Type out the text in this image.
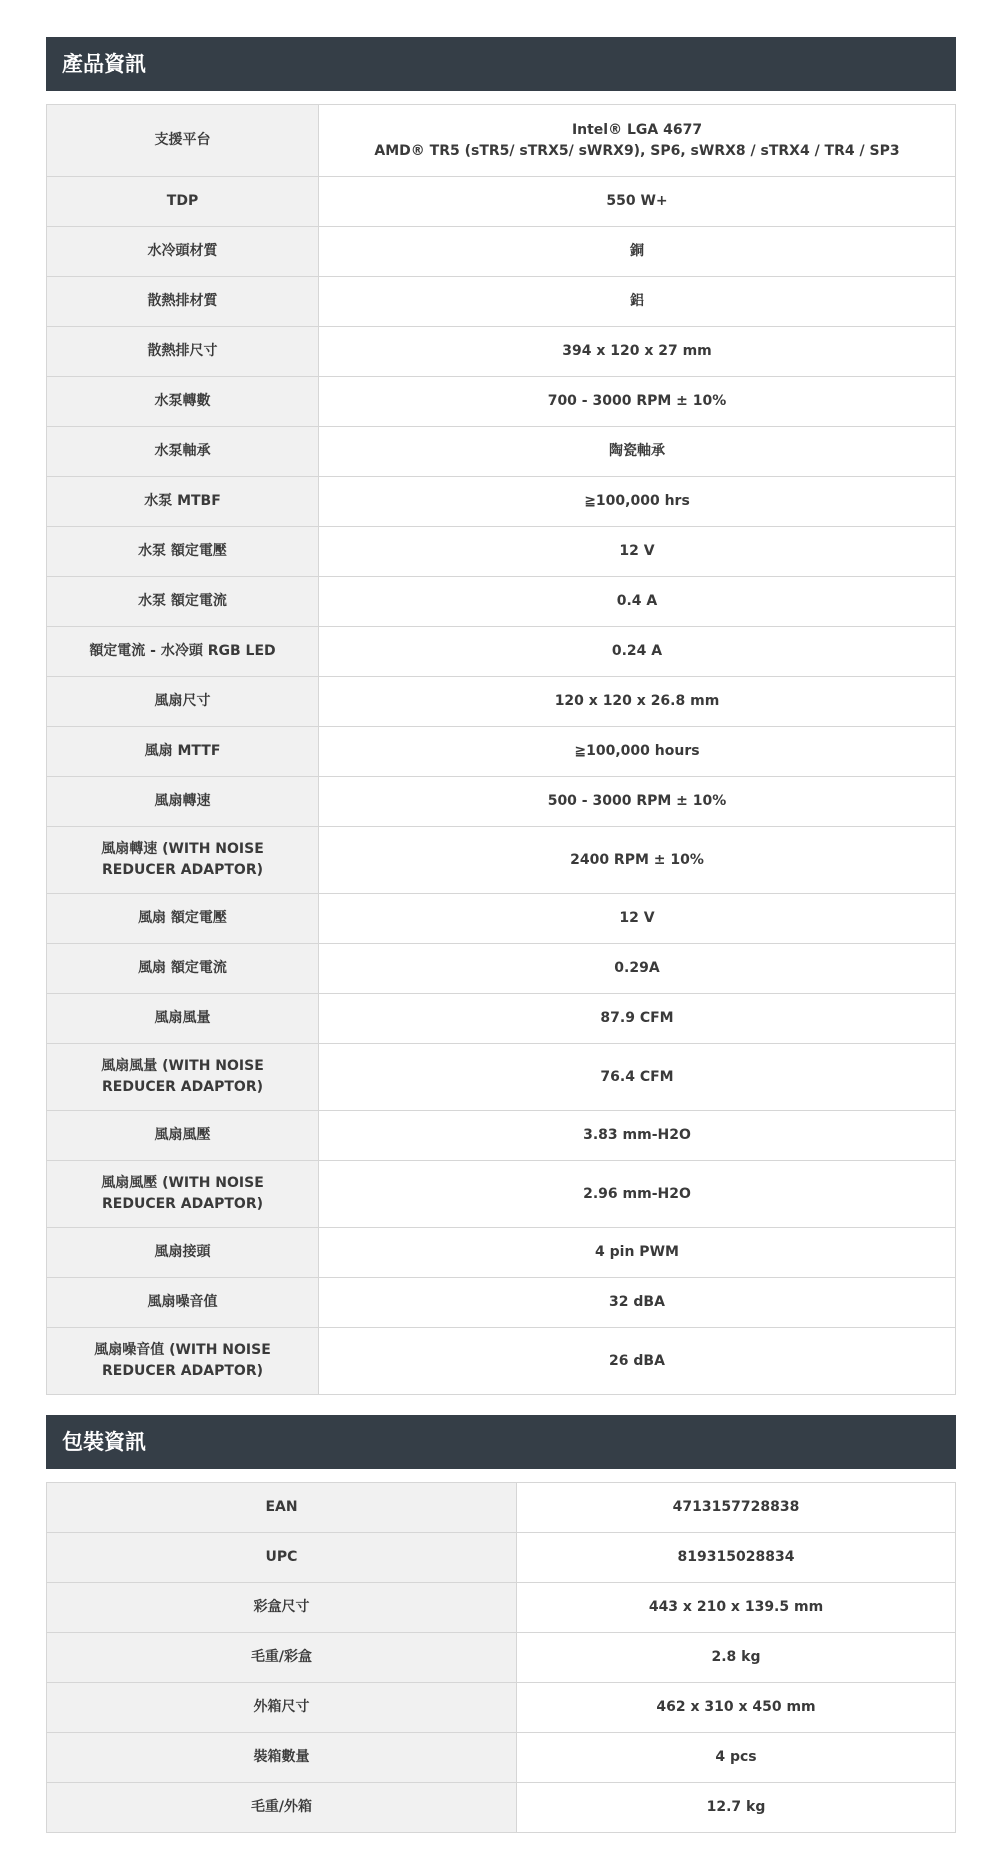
產品資訊
支援平台	Intel® LGA 4677
AMD® TR5 (sTR5/ sTRX5/ sWRX9), SP6, sWRX8 / sTRX4 / TR4 / SP3

TDP	550 W+
水冷頭材質	銅
散熱排材質	鋁
散熱排尺寸	394 x 120 x 27 mm
水泵轉數	700 - 3000 RPM ± 10%
水泵軸承	陶瓷軸承
水泵 MTBF	≧100,000 hrs
水泵 額定電壓	12 V
水泵 額定電流	0.4 A
額定電流 - 水冷頭 RGB LED	0.24 A
風扇尺寸	120 x 120 x 26.8 mm
風扇 MTTF	≧100,000 hours
風扇轉速	500 - 3000 RPM ± 10%
風扇轉速 (WITH NOISE REDUCER ADAPTOR)	2400 RPM ± 10%
風扇 額定電壓	12 V
風扇 額定電流	0.29A
風扇風量	87.9 CFM
風扇風量 (WITH NOISE REDUCER ADAPTOR)	76.4 CFM
風扇風壓	3.83 mm-H2O
風扇風壓 (WITH NOISE REDUCER ADAPTOR)	2.96 mm-H2O
風扇接頭	4 pin PWM
風扇噪音值	32 dBA
風扇噪音值 (WITH NOISE REDUCER ADAPTOR)	26 dBA
包裝資訊
EAN	4713157728838
UPC	819315028834
彩盒尺寸	443 x 210 x 139.5 mm
毛重/彩盒	2.8 kg
外箱尺寸	462 x 310 x 450 mm
裝箱數量	4 pcs
毛重/外箱	12.7 kg
